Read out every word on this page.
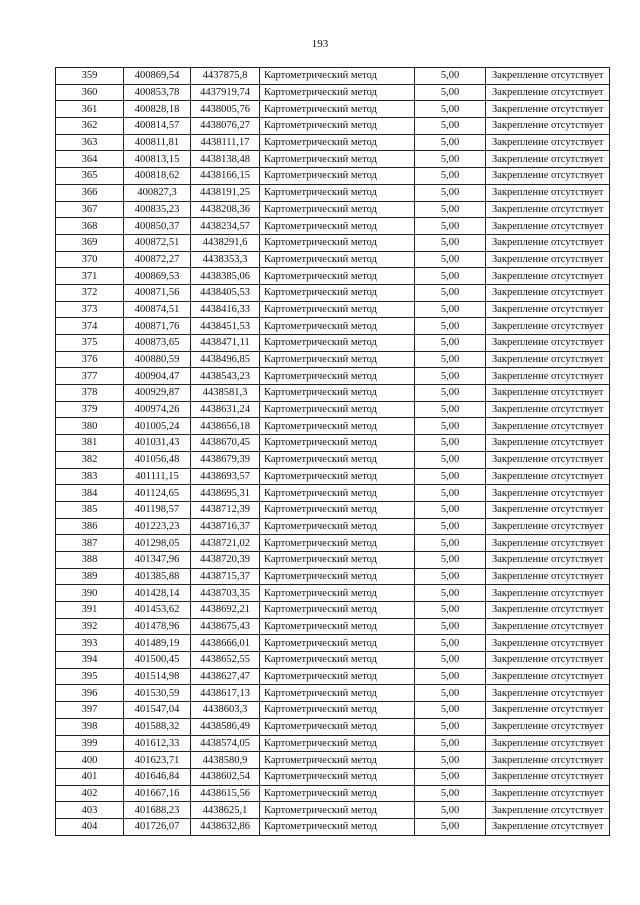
193
359	400869,54	4437875,8	Картометрический метод	5,00	Закрепление отсутствует
360	400853,78	4437919,74	Картометрический метод	5,00	Закрепление отсутствует
361	400828,18	4438005,76	Картометрический метод	5,00	Закрепление отсутствует
362	400814,57	4438076,27	Картометрический метод	5,00	Закрепление отсутствует
363	400811,81	4438111,17	Картометрический метод	5,00	Закрепление отсутствует
364	400813,15	4438138,48	Картометрический метод	5,00	Закрепление отсутствует
365	400818,62	4438166,15	Картометрический метод	5,00	Закрепление отсутствует
366	400827,3	4438191,25	Картометрический метод	5,00	Закрепление отсутствует
367	400835,23	4438208,36	Картометрический метод	5,00	Закрепление отсутствует
368	400850,37	4438234,57	Картометрический метод	5,00	Закрепление отсутствует
369	400872,51	4438291,6	Картометрический метод	5,00	Закрепление отсутствует
370	400872,27	4438353,3	Картометрический метод	5,00	Закрепление отсутствует
371	400869,53	4438385,06	Картометрический метод	5,00	Закрепление отсутствует
372	400871,56	4438405,53	Картометрический метод	5,00	Закрепление отсутствует
373	400874,51	4438416,33	Картометрический метод	5,00	Закрепление отсутствует
374	400871,76	4438451,53	Картометрический метод	5,00	Закрепление отсутствует
375	400873,65	4438471,11	Картометрический метод	5,00	Закрепление отсутствует
376	400880,59	4438496,85	Картометрический метод	5,00	Закрепление отсутствует
377	400904,47	4438543,23	Картометрический метод	5,00	Закрепление отсутствует
378	400929,87	4438581,3	Картометрический метод	5,00	Закрепление отсутствует
379	400974,26	4438631,24	Картометрический метод	5,00	Закрепление отсутствует
380	401005,24	4438656,18	Картометрический метод	5,00	Закрепление отсутствует
381	401031,43	4438670,45	Картометрический метод	5,00	Закрепление отсутствует
382	401056,48	4438679,39	Картометрический метод	5,00	Закрепление отсутствует
383	401111,15	4438693,57	Картометрический метод	5,00	Закрепление отсутствует
384	401124,65	4438695,31	Картометрический метод	5,00	Закрепление отсутствует
385	401198,57	4438712,39	Картометрический метод	5,00	Закрепление отсутствует
386	401223,23	4438716,37	Картометрический метод	5,00	Закрепление отсутствует
387	401298,05	4438721,02	Картометрический метод	5,00	Закрепление отсутствует
388	401347,96	4438720,39	Картометрический метод	5,00	Закрепление отсутствует
389	401385,88	4438715,37	Картометрический метод	5,00	Закрепление отсутствует
390	401428,14	4438703,35	Картометрический метод	5,00	Закрепление отсутствует
391	401453,62	4438692,21	Картометрический метод	5,00	Закрепление отсутствует
392	401478,96	4438675,43	Картометрический метод	5,00	Закрепление отсутствует
393	401489,19	4438666,01	Картометрический метод	5,00	Закрепление отсутствует
394	401500,45	4438652,55	Картометрический метод	5,00	Закрепление отсутствует
395	401514,98	4438627,47	Картометрический метод	5,00	Закрепление отсутствует
396	401530,59	4438617,13	Картометрический метод	5,00	Закрепление отсутствует
397	401547,04	4438603,3	Картометрический метод	5,00	Закрепление отсутствует
398	401588,32	4438586,49	Картометрический метод	5,00	Закрепление отсутствует
399	401612,33	4438574,05	Картометрический метод	5,00	Закрепление отсутствует
400	401623,71	4438580,9	Картометрический метод	5,00	Закрепление отсутствует
401	401646,84	4438602,54	Картометрический метод	5,00	Закрепление отсутствует
402	401667,16	4438615,56	Картометрический метод	5,00	Закрепление отсутствует
403	401688,23	4438625,1	Картометрический метод	5,00	Закрепление отсутствует
404	401726,07	4438632,86	Картометрический метод	5,00	Закрепление отсутствует
